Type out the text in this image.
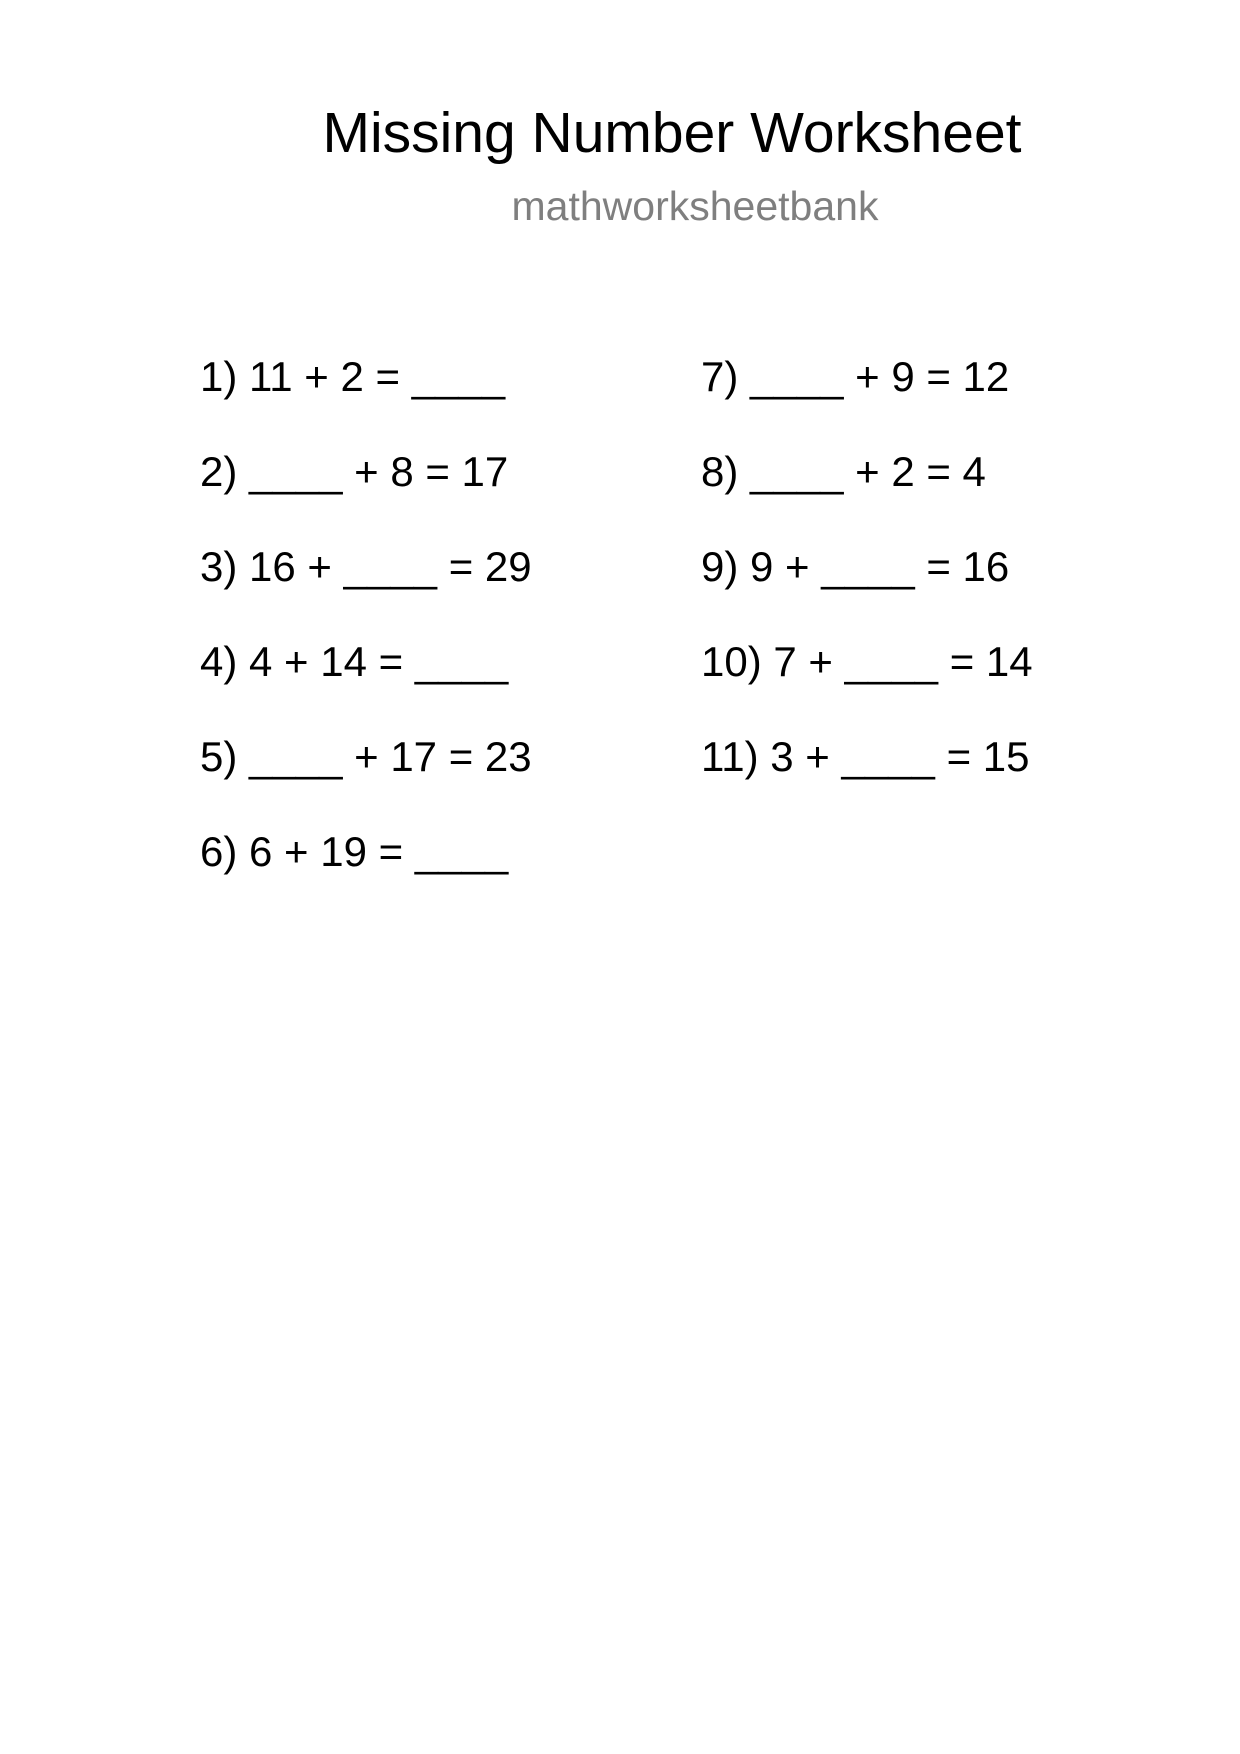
Missing Number Worksheet
mathworksheetbank
1) 11 + 2 = ____
2) ____ + 8 = 17
3) 16 + ____ = 29
4) 4 + 14 = ____
5) ____ + 17 = 23
6) 6 + 19 = ____
7) ____ + 9 = 12
8) ____ + 2 = 4
9) 9 + ____ = 16
10) 7 + ____ = 14
11) 3 + ____ = 15
